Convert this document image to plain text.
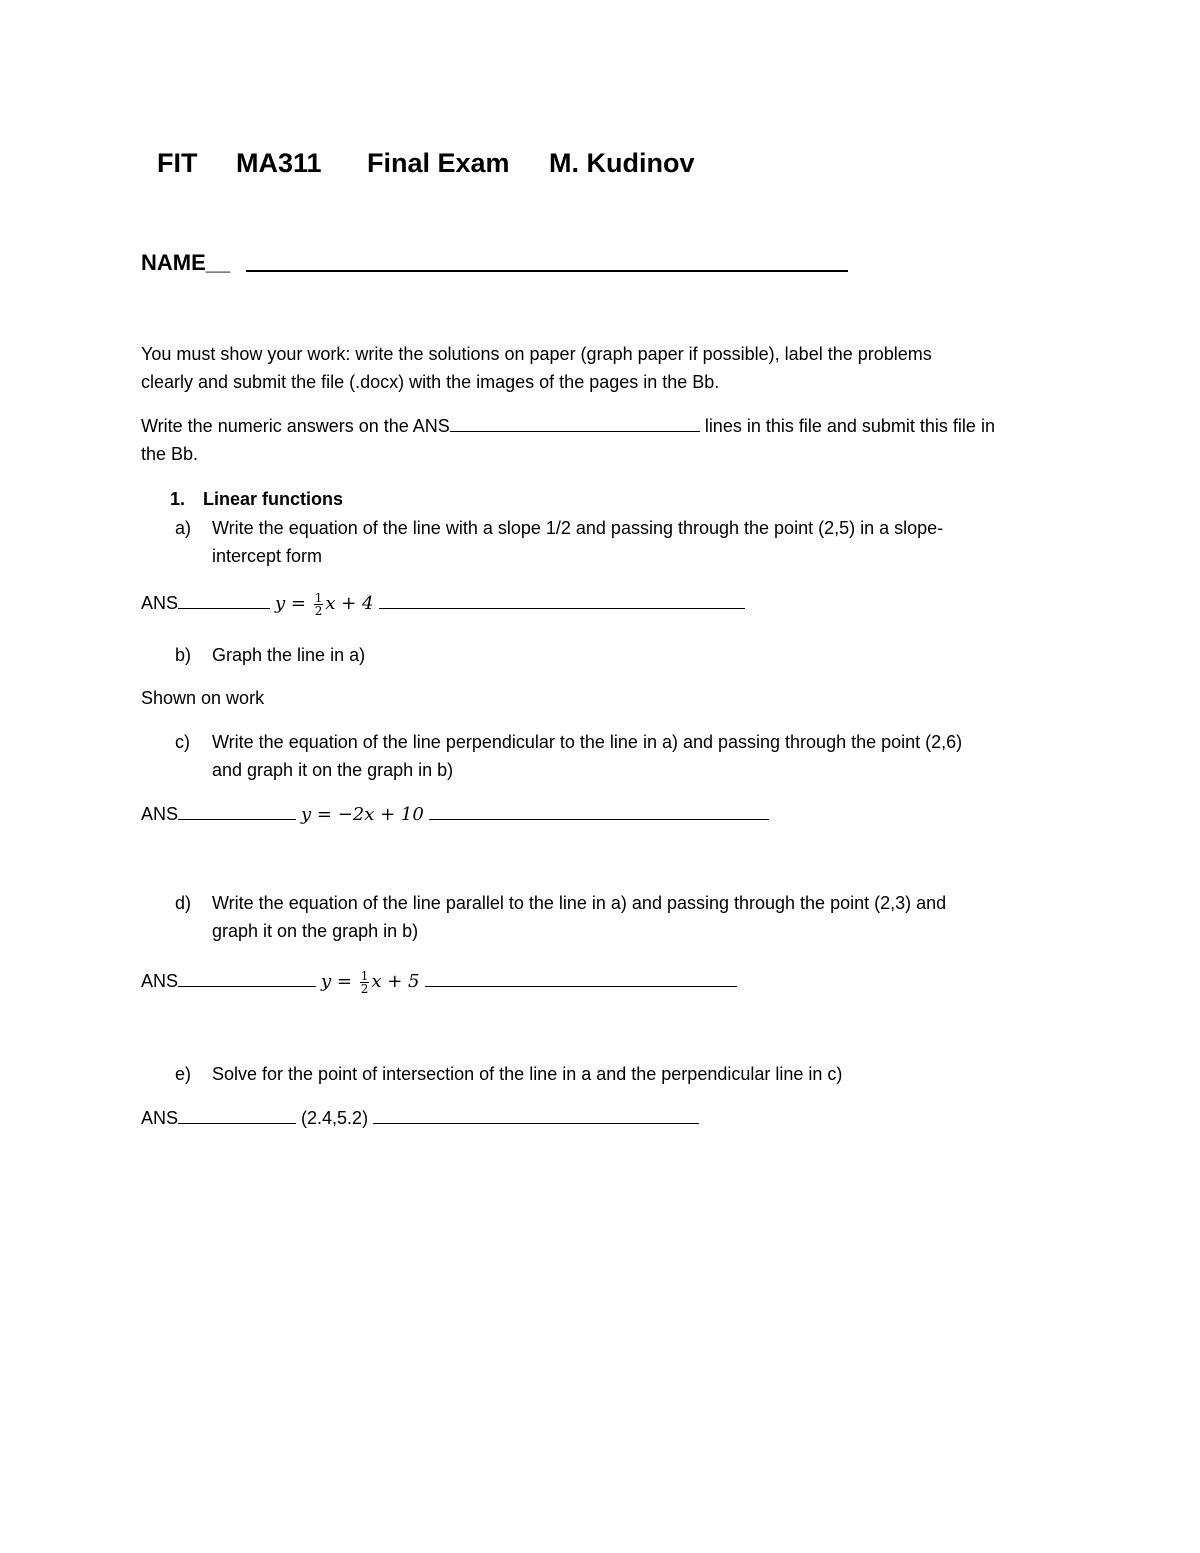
FIT MA311 Final Exam M. Kudinov
NAME__
You must show your work: write the solutions on paper (graph paper if possible), label the problems
clearly and submit the file (.docx) with the images of the pages in the Bb.
Write the numeric answers on the ANS	lines in this file and submit this file in
the Bb.
1. Linear functions
a) Write the equation of the line with a slope 1/2 and passing through the point (2,5) in a slope-
intercept form
ANS	$y = \frac{1}{2}$ x + 4
b) Graph the line in a)
Shown on work
c) Write the equation of the line perpendicular to the line in a) and passing through the point (2,6)
and graph it on the graph in b)
ANS	y = −2x + 10
d) Write the equation of the line parallel to the line in a) and passing through the point (2,3) and
graph it on the graph in b)
ANS	$y = \frac{1}{2}$ x + 5
e) Solve for the point of intersection of the line in a and the perpendicular line in c)
ANS	(2.4,5.2)
